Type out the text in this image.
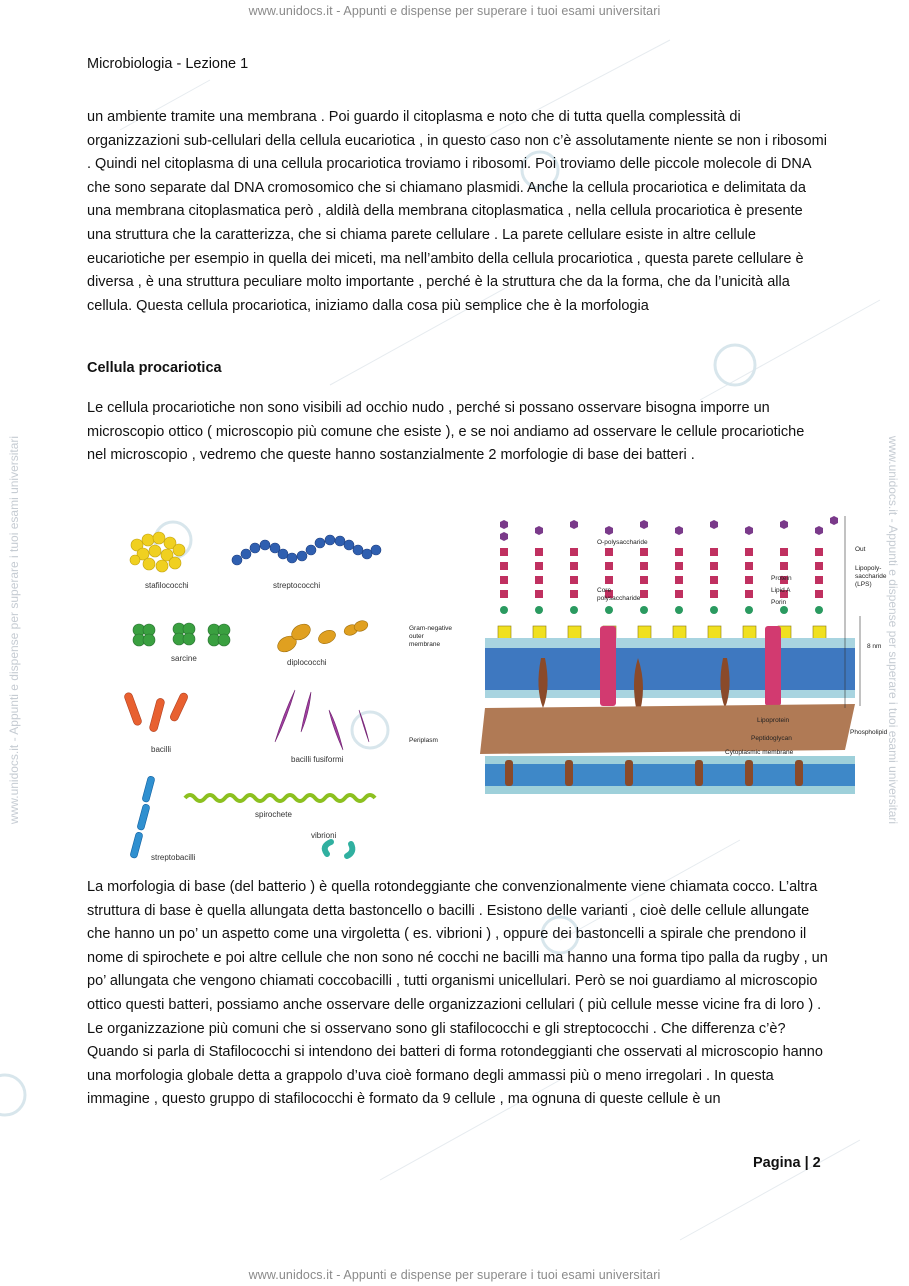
www.unidocs.it - Appunti e dispense per superare i tuoi esami universitari
www.unidocs.it - Appunti e dispense per superare i tuoi esami universitari
www.unidocs.it - Appunti e dispense per superare i tuoi esami universitari	www.unidocs.it - Appunti e dispense per superare i tuoi esami universitari
Microbiologia - Lezione 1
un ambiente tramite una membrana . Poi guardo il citoplasma e noto che di tutta quella complessità di organizzazioni sub-cellulari della cellula eucariotica , in questo caso non c’è assolutamente niente se non i ribosomi . Quindi nel citoplasma di una cellula procariotica troviamo i ribosomi. Poi troviamo delle piccole molecole di DNA che sono separate dal DNA cromosomico che si chiamano plasmidi. Anche la cellula procariotica e delimitata da una membrana citoplasmatica però , aldilà della membrana citoplasmatica , nella cellula procariotica è presente una struttura che la caratterizza, che si chiama parete cellulare . La parete cellulare esiste in altre cellule eucariotiche per esempio in quella dei miceti, ma nell’ambito della cellula procariotica , questa parete cellulare è diversa , è una struttura peculiare molto importante , perché è la struttura che da la forma, che da l’unicità alla cellula. Questa cellula procariotica, iniziamo dalla cosa più semplice che è la morfologia
Cellula procariotica
Le cellula procariotiche non sono visibili ad occhio nudo , perché si possano osservare bisogna imporre un microscopio ottico ( microscopio più comune che esiste ), e se noi andiamo ad osservare le cellule procariotiche nel microscopio , vedremo che queste hanno sostanzialmente 2 morfologie di base dei batteri .
stafilococchi	streptococchi
sarcine	diplococchi
bacilli
bacilli fusiformi
streptobacilli
spirochete
vibrioni
O-polysaccharide
Core polysaccharide
Gram-negative outer membrane
Periplasm
Out
Lipopoly-saccharide (LPS)
Protein
Lipid A
Porin
8 nm
Lipoprotein
Peptidoglycan
Cytoplasmic membrane
Phospholipid
La morfologia di base (del batterio ) è quella rotondeggiante che convenzionalmente viene chiamata cocco. L’altra struttura di base è quella allungata detta bastoncello o bacilli . Esistono delle varianti , cioè delle cellule allungate che hanno un po’ un aspetto come una virgoletta ( es. vibrioni ) , oppure dei bastoncelli a spirale che prendono il nome di spirochete e poi altre cellule che non sono né cocchi ne bacilli ma hanno una forma tipo palla da rugby , un po’ allungata che vengono chiamati coccobacilli , tutti organismi unicellulari. Però se noi guardiamo al microscopio ottico questi batteri, possiamo anche osservare delle organizzazioni cellulari ( più cellule messe vicine fra di loro ) . Le organizzazione più comuni che si osservano sono gli stafilococchi e gli streptococchi . Che differenza c’è? Quando si parla di Stafilococchi si intendono dei batteri di forma rotondeggianti che osservati al microscopio hanno una morfologia globale detta a grappolo d’uva cioè formano degli ammassi più o meno irregolari . In questa immagine , questo gruppo di stafilococchi è formato da 9 cellule , ma ognuna di queste cellule è un
Pagina | 2
